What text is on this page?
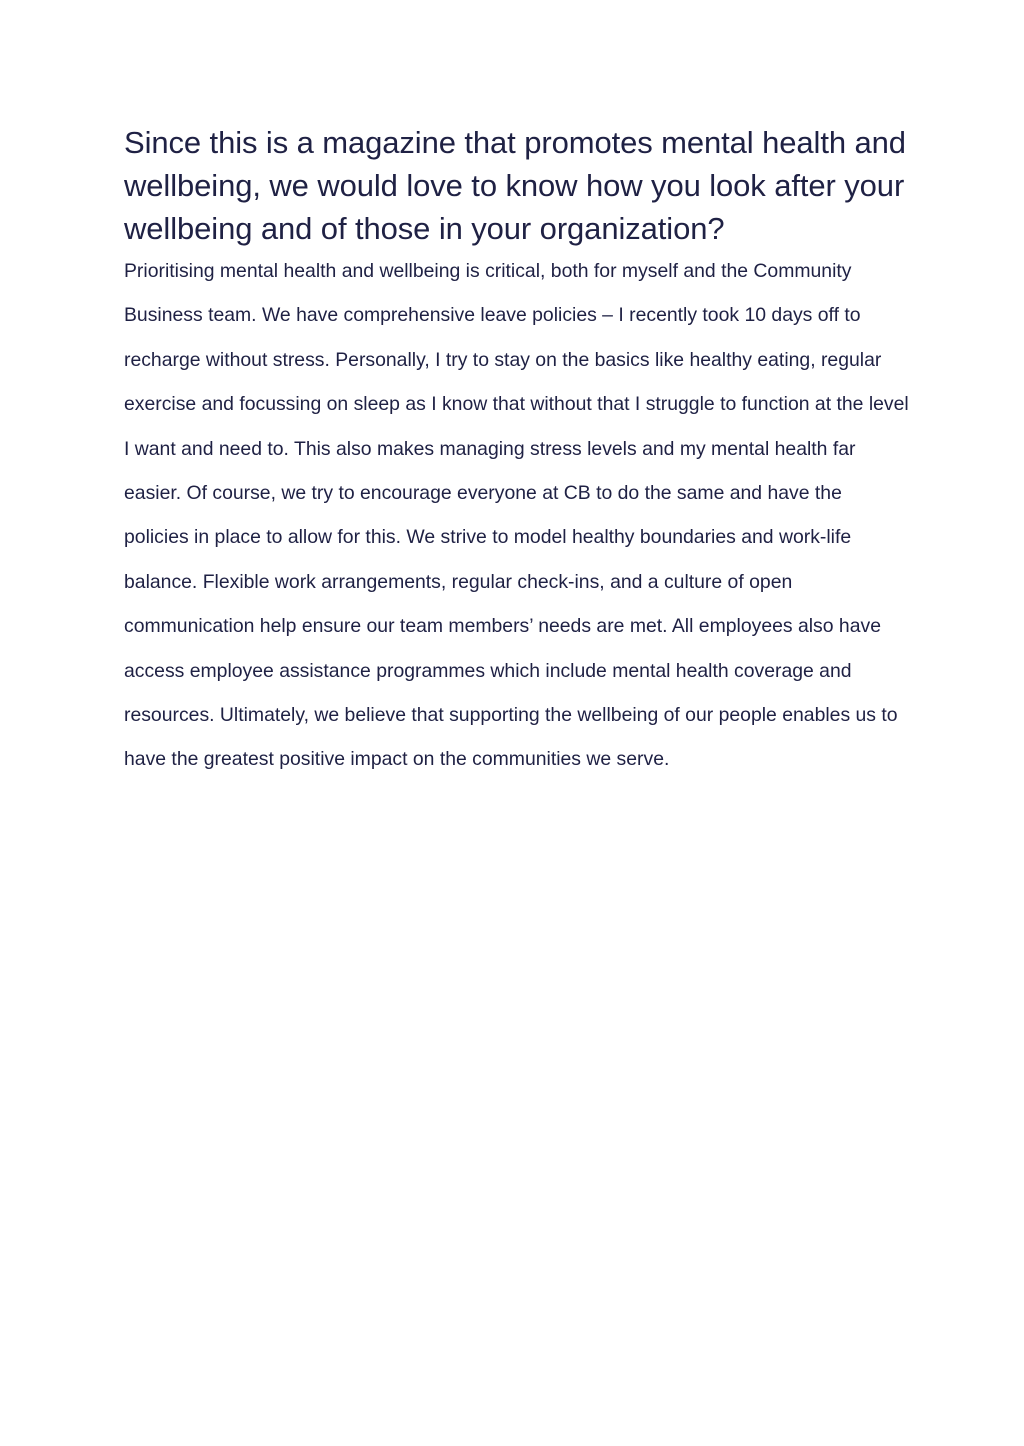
Since this is a magazine that promotes mental health and wellbeing, we would love to know how you look after your wellbeing and of those in your organization?

Prioritising mental health and wellbeing is critical, both for myself and the Community Business team. We have comprehensive leave policies – I recently took 10 days off to recharge without stress. Personally, I try to stay on the basics like healthy eating, regular exercise and focussing on sleep as I know that without that I struggle to function at the level I want and need to. This also makes managing stress levels and my mental health far easier. Of course, we try to encourage everyone at CB to do the same and have the policies in place to allow for this. We strive to model healthy boundaries and work-life balance. Flexible work arrangements, regular check-ins, and a culture of open communication help ensure our team members’ needs are met. All employees also have access employee assistance programmes which include mental health coverage and resources. Ultimately, we believe that supporting the wellbeing of our people enables us to have the greatest positive impact on the communities we serve.
